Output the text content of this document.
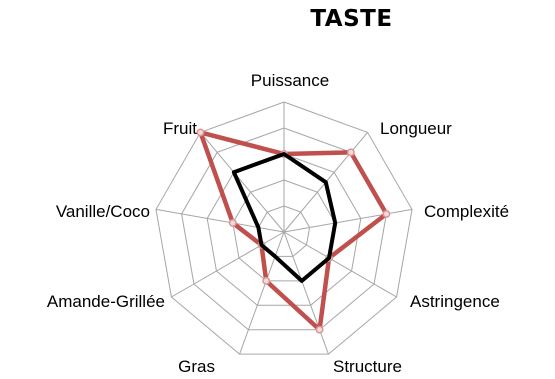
TASTE
Puissance
Longueur
Complexité
Astringence
Structure
Gras
Amande-Grillée
Vanille/Coco
Fruit
